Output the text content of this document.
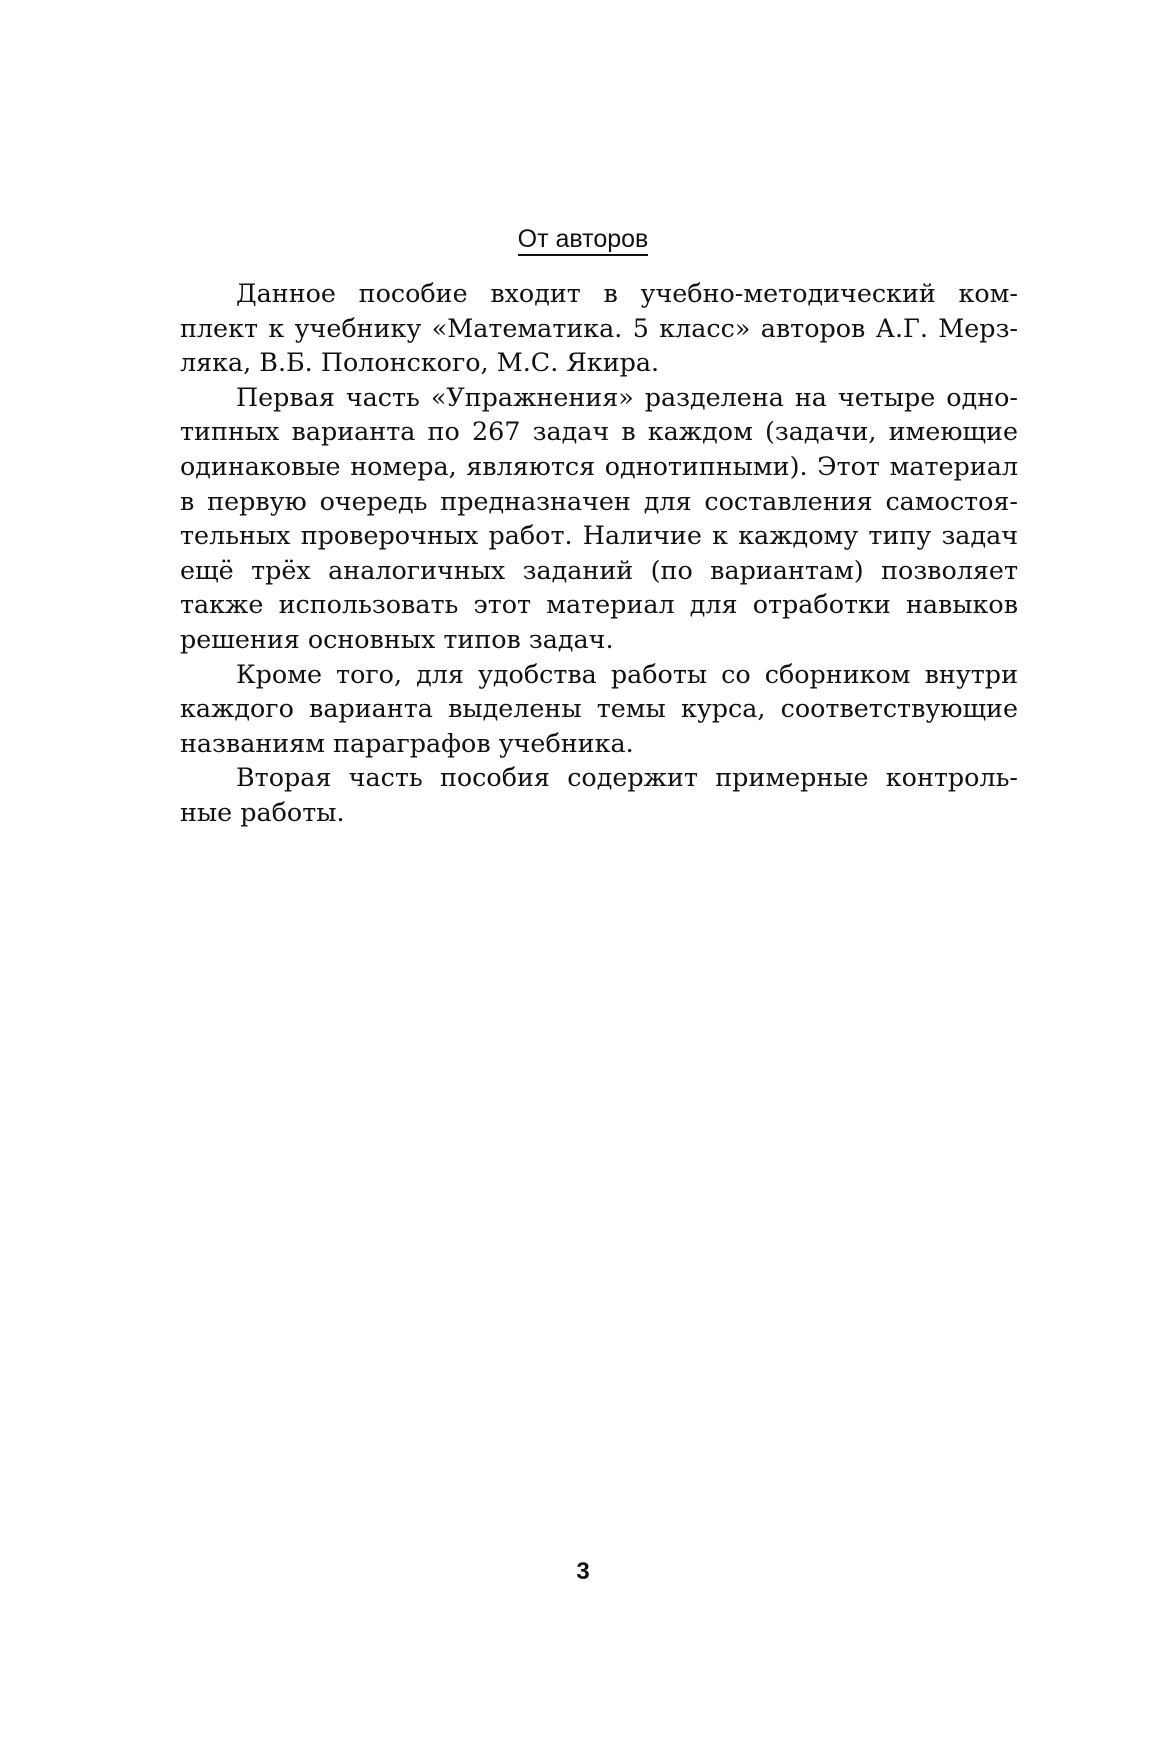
От авторов

Данное пособие входит в учебно-методический ком-
плект к учебнику «Математика. 5 класс» авторов А.Г. Мерз-
ляка, В.Б. Полонского, М.С. Якира.

Первая часть «Упражнения» разделена на четыре одно-
типных варианта по 267 задач в каждом (задачи, имеющие
одинаковые номера, являются однотипными). Этот материал
в первую очередь предназначен для составления самостоя-
тельных проверочных работ. Наличие к каждому типу задач
ещё трёх аналогичных заданий (по вариантам) позволяет
также использовать этот материал для отработки навыков
решения основных типов задач.

Кроме того, для удобства работы со сборником внутри
каждого варианта выделены темы курса, соответствующие
названиям параграфов учебника.

Вторая часть пособия содержит примерные контроль-
ные работы.

3
